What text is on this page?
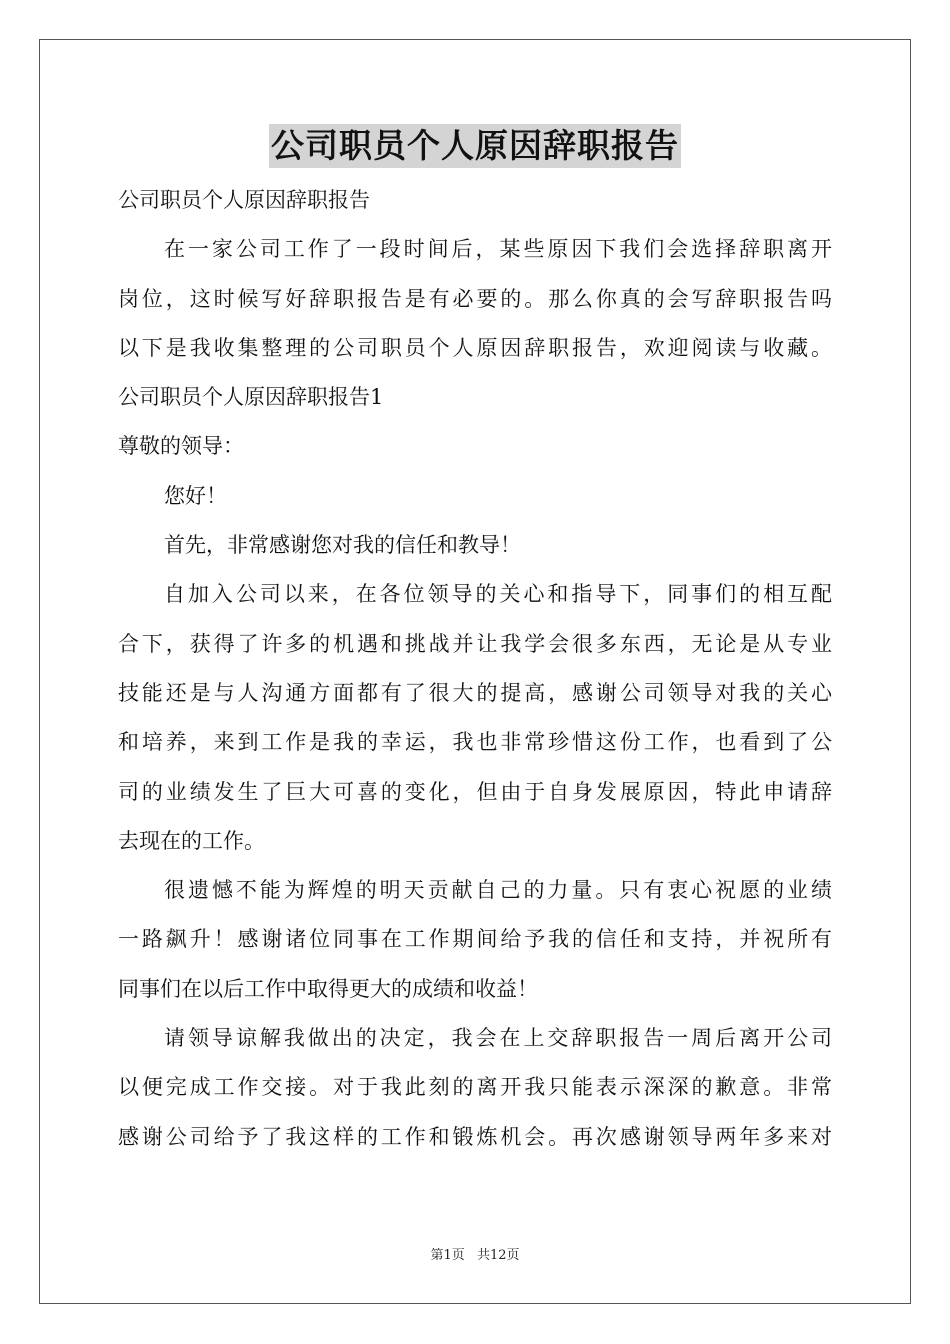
公司职员个人原因辞职报告
公司职员个人原因辞职报告
在一家公司工作了一段时间后，某些原因下我们会选择辞职离开
岗位，这时候写好辞职报告是有必要的。那么你真的会写辞职报告吗
以下是我收集整理的公司职员个人原因辞职报告，欢迎阅读与收藏。
公司职员个人原因辞职报告1
尊敬的领导：
您好！
首先，非常感谢您对我的信任和教导！
自加入公司以来，在各位领导的关心和指导下，同事们的相互配
合下，获得了许多的机遇和挑战并让我学会很多东西，无论是从专业
技能还是与人沟通方面都有了很大的提高，感谢公司领导对我的关心
和培养，来到工作是我的幸运，我也非常珍惜这份工作，也看到了公
司的业绩发生了巨大可喜的变化，但由于自身发展原因，特此申请辞
去现在的工作。
很遗憾不能为辉煌的明天贡献自己的力量。只有衷心祝愿的业绩
一路飙升！感谢诸位同事在工作期间给予我的信任和支持，并祝所有
同事们在以后工作中取得更大的成绩和收益！
请领导谅解我做出的决定，我会在上交辞职报告一周后离开公司
以便完成工作交接。对于我此刻的离开我只能表示深深的歉意。非常
感谢公司给予了我这样的工作和锻炼机会。再次感谢领导两年多来对
第1页 共12页
